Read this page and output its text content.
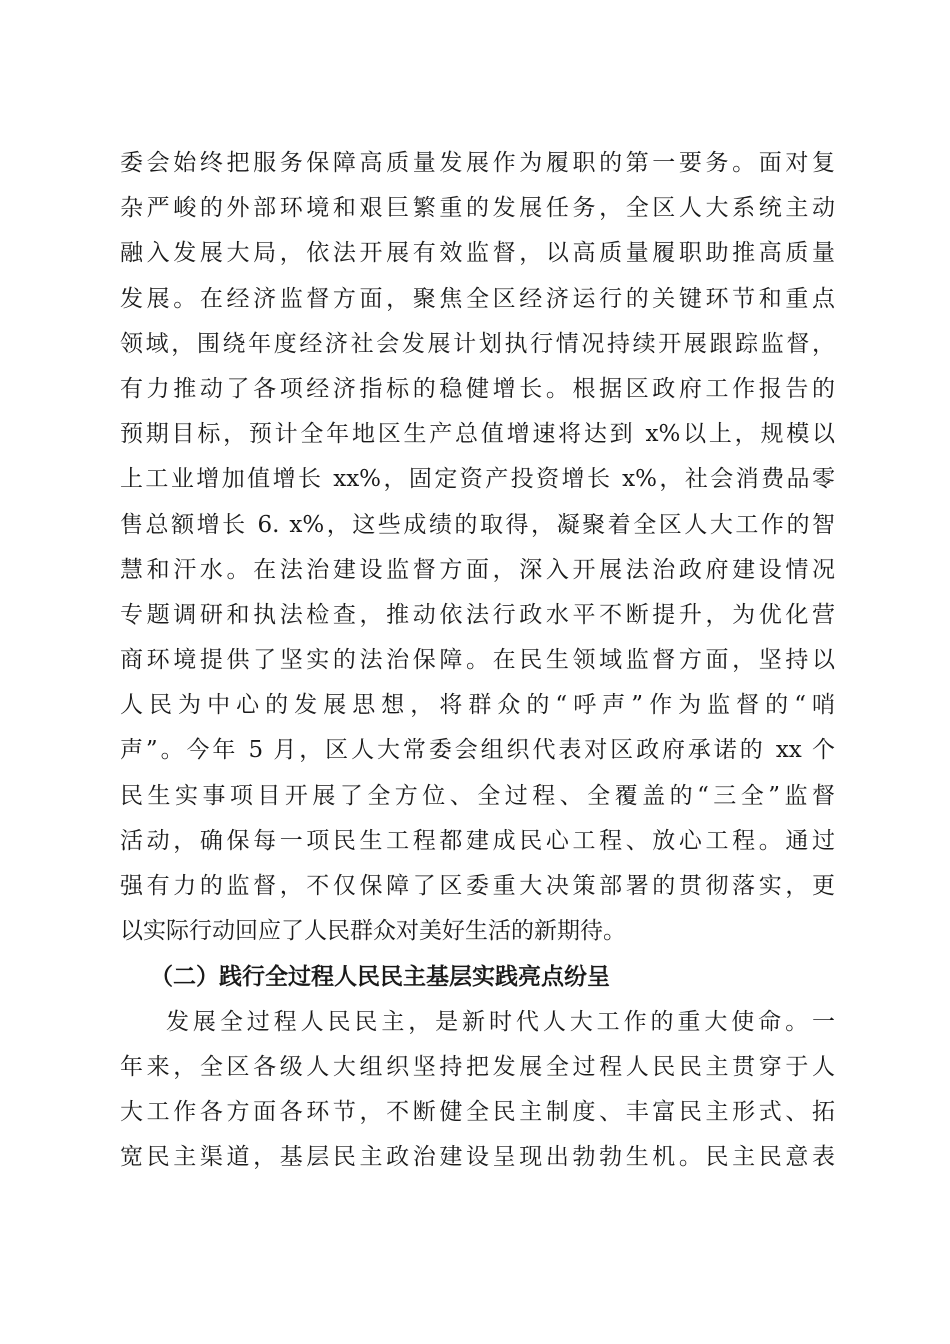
委会始终把服务保障高质量发展作为履职的第一要务。面对复
杂严峻的外部环境和艰巨繁重的发展任务，全区人大系统主动
融入发展大局，依法开展有效监督，以高质量履职助推高质量
发展。在经济监督方面，聚焦全区经济运行的关键环节和重点
领域，围绕年度经济社会发展计划执行情况持续开展跟踪监督，
有力推动了各项经济指标的稳健增长。根据区政府工作报告的
预期目标，预计全年地区生产总值增速将达到 x%以上，规模以
上工业增加值增长 xx%，固定资产投资增长 x%，社会消费品零
售总额增长 6. x%，这些成绩的取得，凝聚着全区人大工作的智
慧和汗水。在法治建设监督方面，深入开展法治政府建设情况
专题调研和执法检查，推动依法行政水平不断提升，为优化营
商环境提供了坚实的法治保障。在民生领域监督方面，坚持以
人民为中心的发展思想，将群众的“呼声”作为监督的“哨
声”。今年 5 月，区人大常委会组织代表对区政府承诺的 xx 个
民生实事项目开展了全方位、全过程、全覆盖的“三全”监督
活动，确保每一项民生工程都建成民心工程、放心工程。通过
强有力的监督，不仅保障了区委重大决策部署的贯彻落实，更
以实际行动回应了人民群众对美好生活的新期待。
（二）践行全过程人民民主基层实践亮点纷呈
发展全过程人民民主，是新时代人大工作的重大使命。一
年来，全区各级人大组织坚持把发展全过程人民民主贯穿于人
大工作各方面各环节，不断健全民主制度、丰富民主形式、拓
宽民主渠道，基层民主政治建设呈现出勃勃生机。民主民意表
